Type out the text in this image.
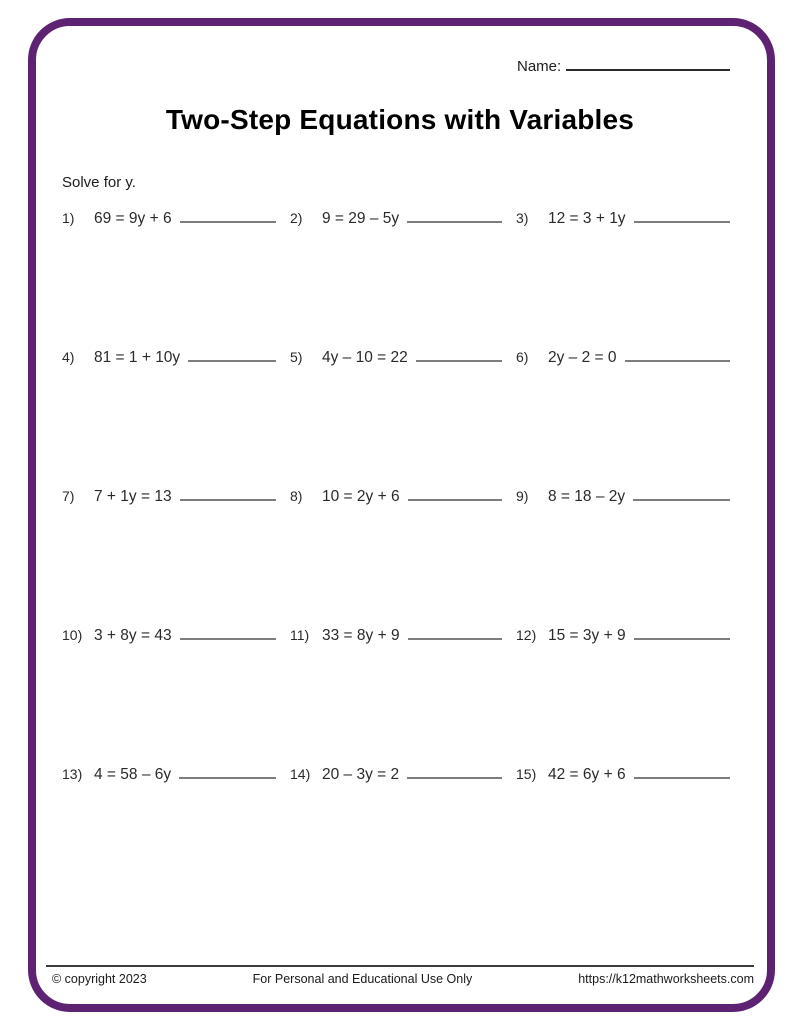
Name:
Two-Step Equations with Variables
Solve for y.
1)	69 = 9y + 6	2)	9 = 29 – 5y	3)	12 = 3 + 1y
4)	81 = 1 + 10y	5)	4y – 10 = 22	6)	2y – 2 = 0
7)	7 + 1y = 13	8)	10 = 2y + 6	9)	8 = 18 – 2y
10) 3 + 8y = 43	11) 33 = 8y + 9	12) 15 = 3y + 9
13) 4 = 58 – 6y	14) 20 – 3y = 2	15) 42 = 6y + 6
© copyright 2023	For Personal and Educational Use Only	https://k12mathworksheets.com
